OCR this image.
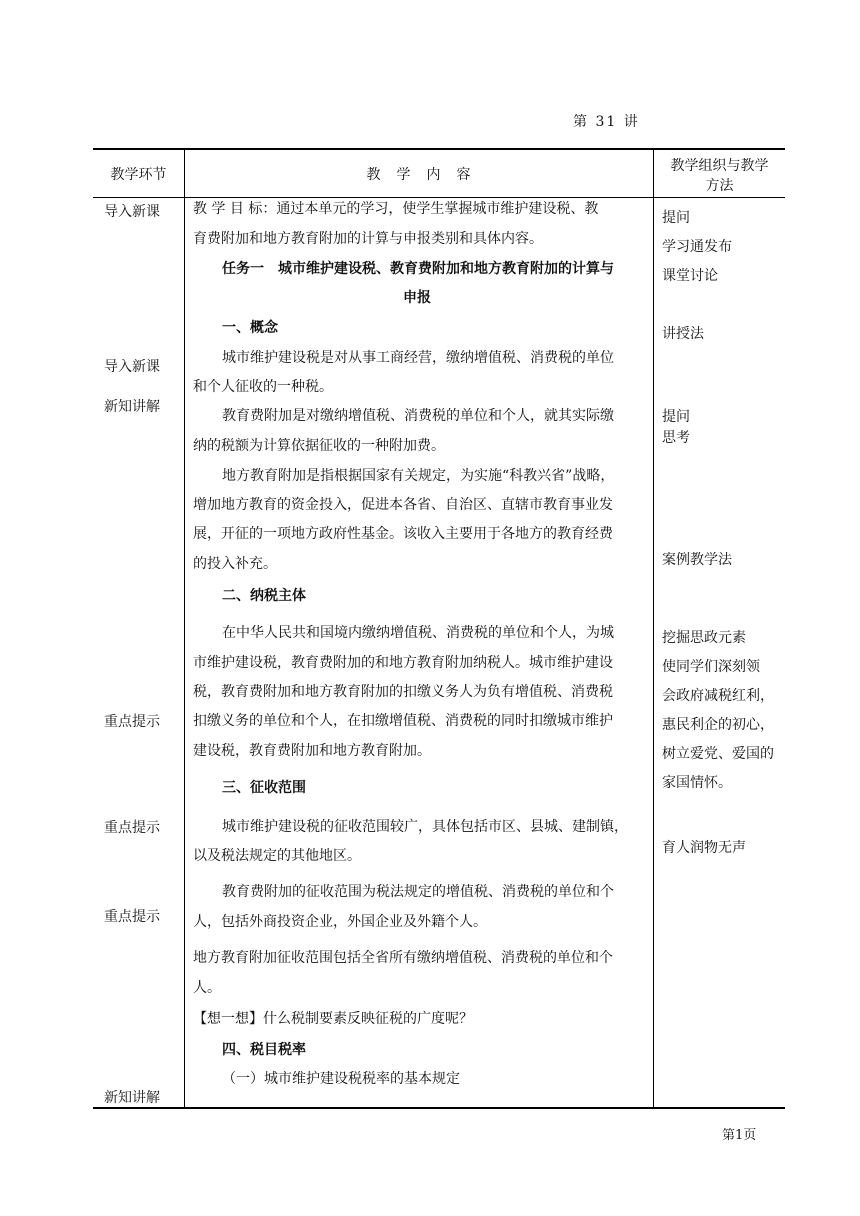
第 31 讲
第1页
教学环节	教　学　内　容
教学组织与教学
方法
导入新课
导入新课
新知讲解
重点提示
重点提示
重点提示
新知讲解
教 学 目 标：通过本单元的学习，使学生掌握城市维护建设税、教
育费附加和地方教育附加的计算与申报类别和具体内容。
任务一　城市维护建设税、教育费附加和地方教育附加的计算与
申报
一、概念
城市维护建设税是对从事工商经营，缴纳增值税、消费税的单位
和个人征收的一种税。
教育费附加是对缴纳增值税、消费税的单位和个人，就其实际缴
纳的税额为计算依据征收的一种附加费。
地方教育附加是指根据国家有关规定，为实施“科教兴省”战略，
增加地方教育的资金投入，促进本各省、自治区、直辖市教育事业发
展，开征的一项地方政府性基金。该收入主要用于各地方的教育经费
的投入补充。
二、纳税主体
在中华人民共和国境内缴纳增值税、消费税的单位和个人，为城
市维护建设税，教育费附加的和地方教育附加纳税人。城市维护建设
税，教育费附加和地方教育附加的扣缴义务人为负有增值税、消费税
扣缴义务的单位和个人，在扣缴增值税、消费税的同时扣缴城市维护
建设税，教育费附加和地方教育附加。
三、征收范围
城市维护建设税的征收范围较广，具体包括市区、县城、建制镇，
以及税法规定的其他地区。
教育费附加的征收范围为税法规定的增值税、消费税的单位和个
人，包括外商投资企业，外国企业及外籍个人。
地方教育附加征收范围包括全省所有缴纳增值税、消费税的单位和个
人。
【想一想】什么税制要素反映征税的广度呢？
四、税目税率
（一）城市维护建设税税率的基本规定
提问
学习通发布
课堂讨论
讲授法
提问
思考
案例教学法
挖掘思政元素
使同学们深刻领
会政府减税红利，
惠民利企的初心，
树立爱党、爱国的
家国情怀。
育人润物无声
